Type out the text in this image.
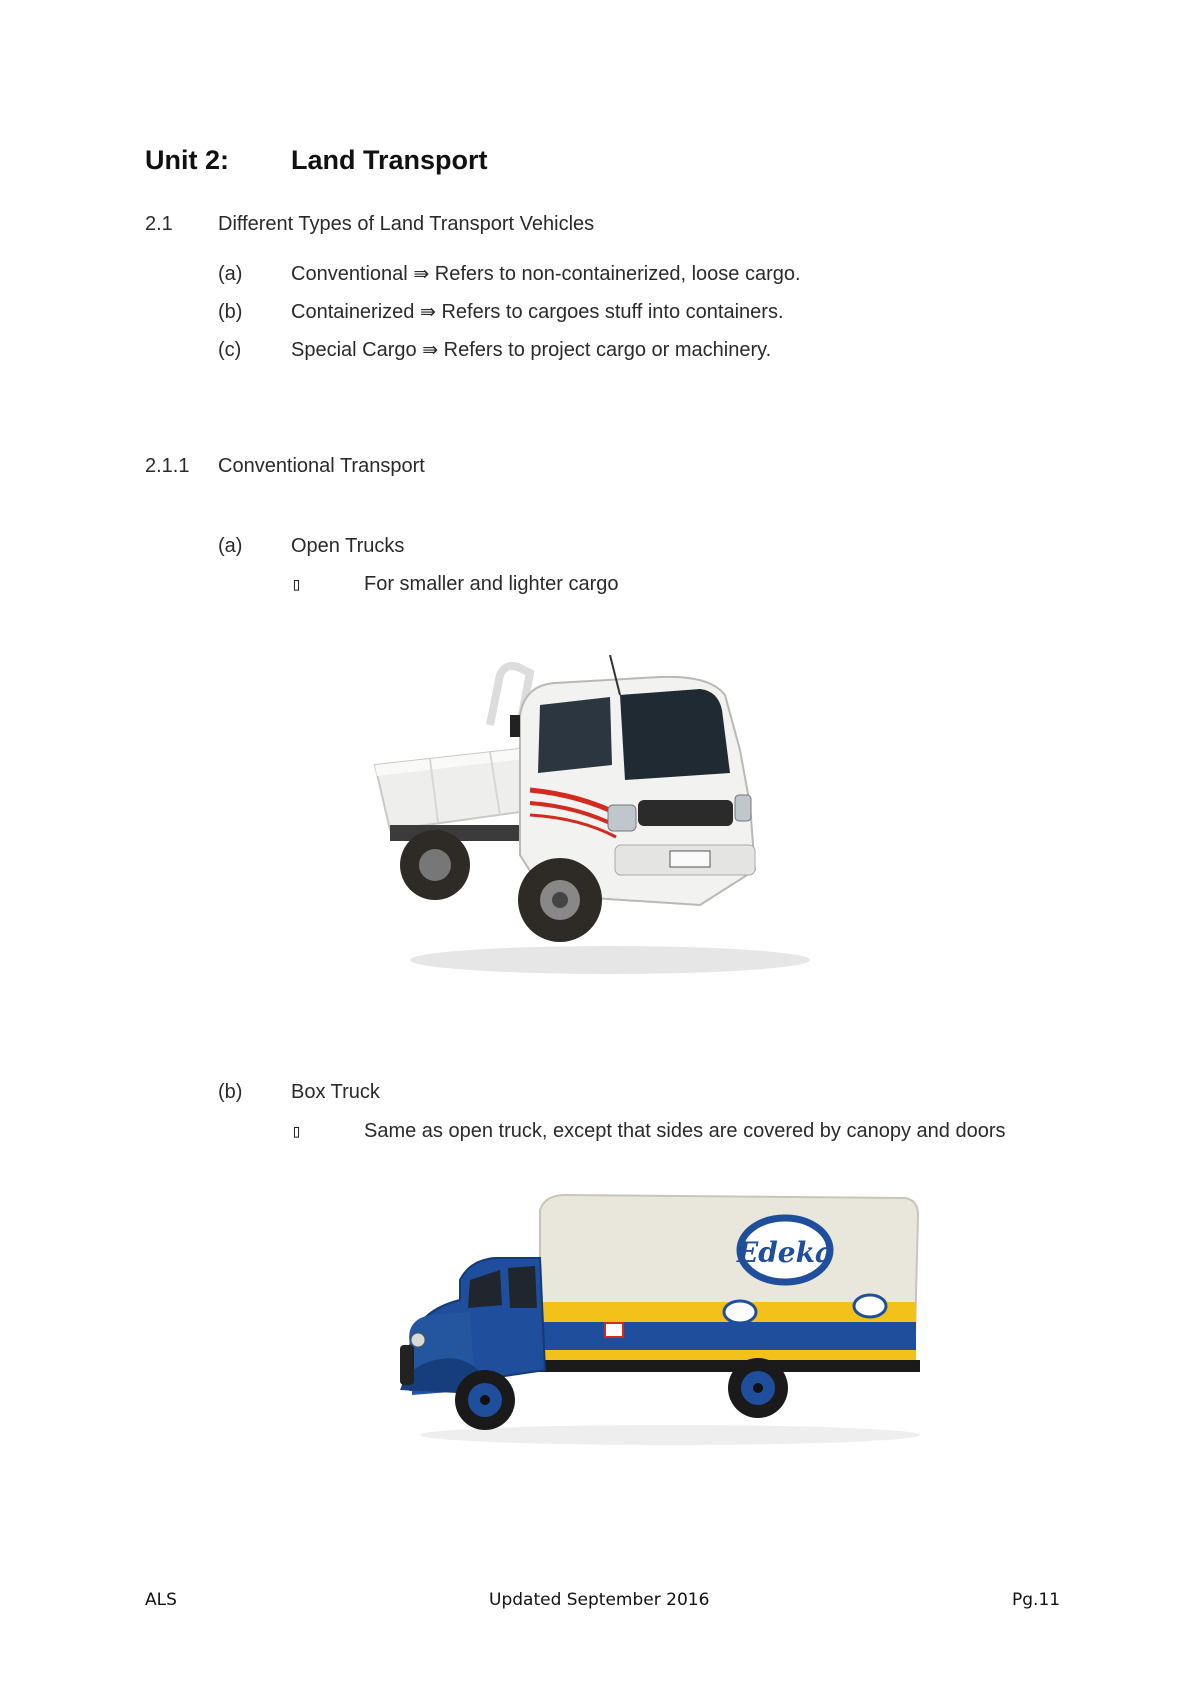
Unit 2: Land Transport
2.1 Different Types of Land Transport Vehicles
(a) Conventional ⇛ Refers to non-containerized, loose cargo.
(b) Containerized ⇛ Refers to cargoes stuff into containers.
(c) Special Cargo ⇛ Refers to project cargo or machinery.
2.1.1 Conventional Transport
(a) Open Trucks
▯	For smaller and lighter cargo
(b) Box Truck
▯	Same as open truck, except that sides are covered by canopy and doors
Edeka
ALS	Updated September 2016	Pg.11
